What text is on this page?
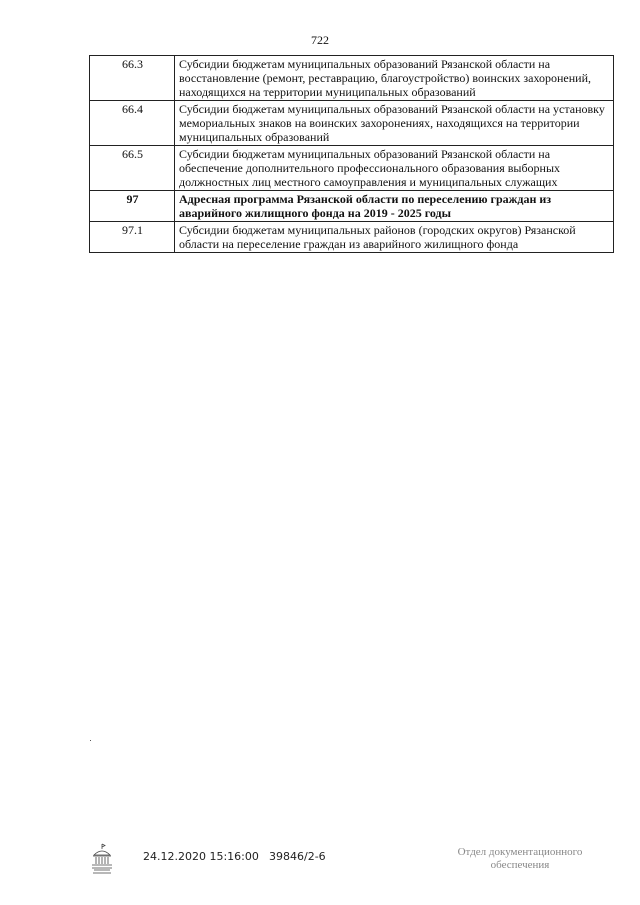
722
66.3	Субсидии бюджетам муниципальных образований Рязанской области на восстановление (ремонт, реставрацию, благоустройство) воинских захоронений, находящихся на территории муниципальных образований
66.4	Субсидии бюджетам муниципальных образований Рязанской области на установку мемориальных знаков на воинских захоронениях, находящихся на территории муниципальных образований
66.5	Субсидии бюджетам муниципальных образований Рязанской области на обеспечение дополнительного профессионального образования выборных должностных лиц местного самоуправления и муниципальных служащих
97	Адресная программа Рязанской области по переселению граждан из аварийного жилищного фонда на 2019 - 2025 годы
97.1	Субсидии бюджетам муниципальных районов (городских округов) Рязанской области на переселение граждан из аварийного жилищного фонда
24.12.2020 15:16:00 39846/2-6	Отдел документационного
обеспечения
